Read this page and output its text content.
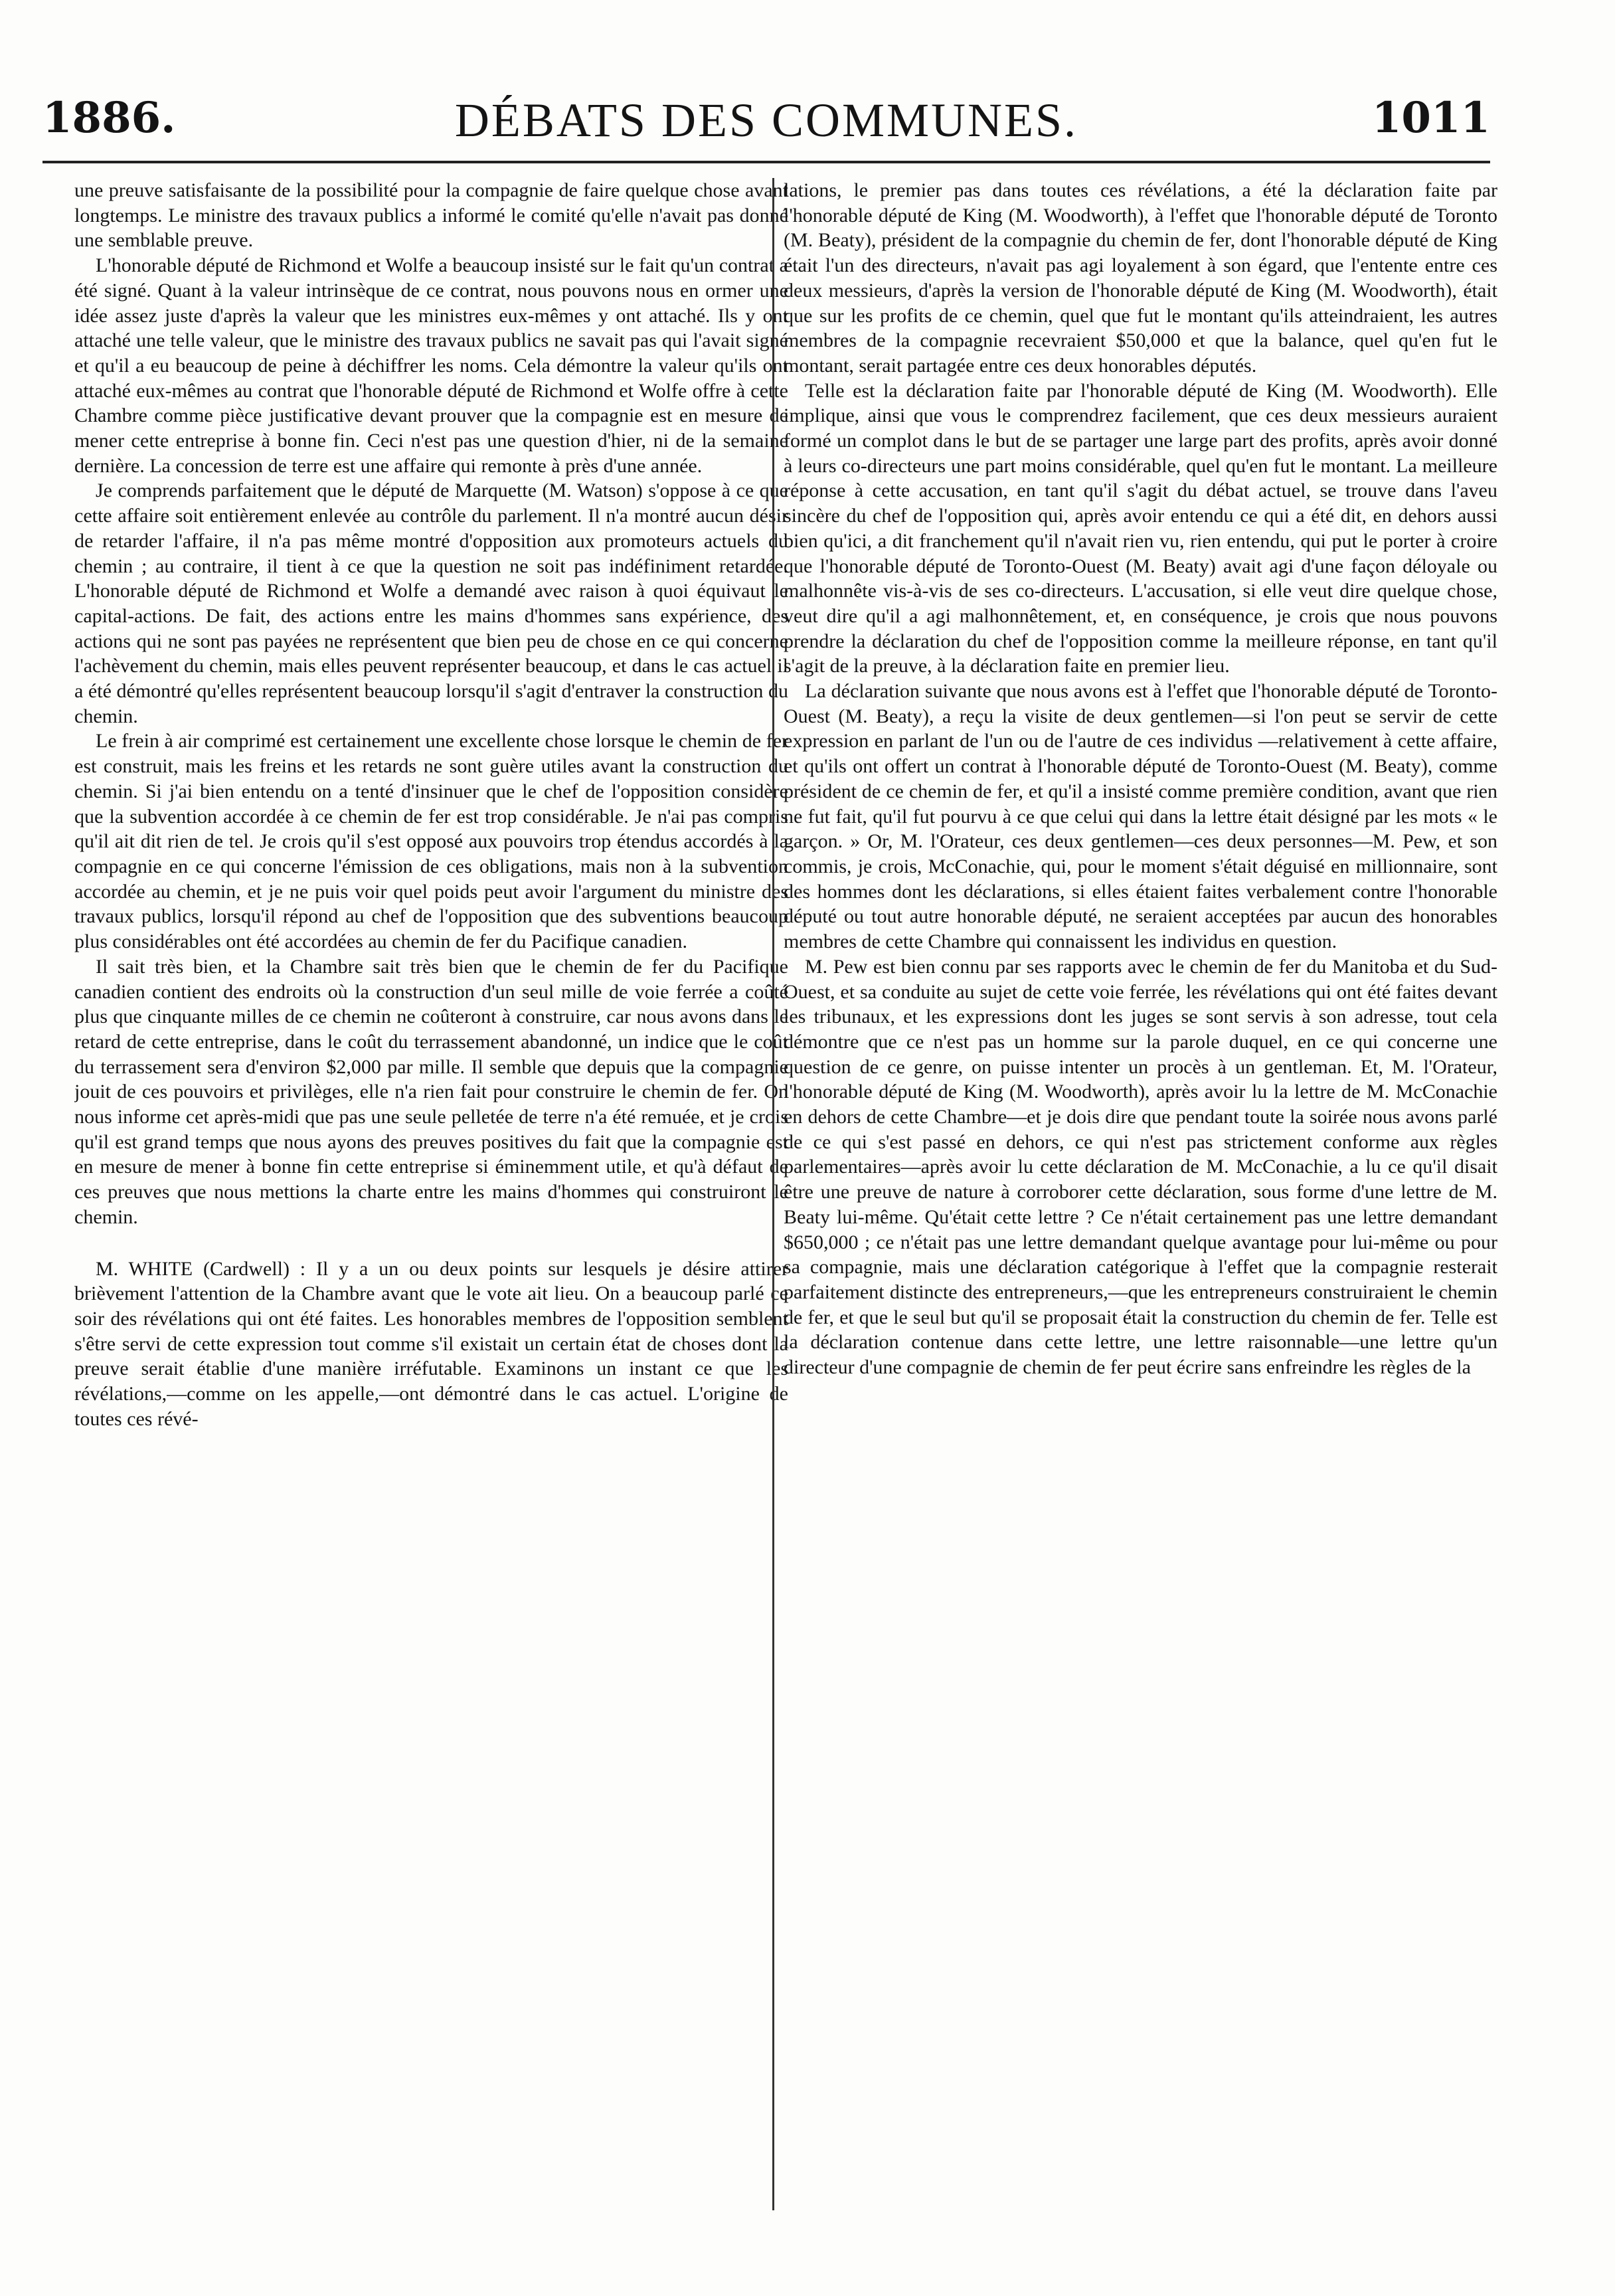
1886.	DÉBATS DES COMMUNES.	1011

une preuve satisfaisante de la possibilité pour la compagnie de faire quelque chose avant longtemps. Le ministre des travaux publics a informé le comité qu'elle n'avait pas donné une semblable preuve.

L'honorable député de Richmond et Wolfe a beaucoup insisté sur le fait qu'un contrat a été signé. Quant à la valeur intrinsèque de ce contrat, nous pouvons nous en ormer une idée assez juste d'après la valeur que les ministres eux-mêmes y ont attaché. Ils y ont attaché une telle valeur, que le ministre des travaux publics ne savait pas qui l'avait signé et qu'il a eu beaucoup de peine à déchiffrer les noms. Cela démontre la valeur qu'ils ont attaché eux-mêmes au contrat que l'honorable député de Richmond et Wolfe offre à cette Chambre comme pièce justificative devant prouver que la compagnie est en mesure de mener cette entreprise à bonne fin. Ceci n'est pas une question d'hier, ni de la semaine dernière. La concession de terre est une affaire qui remonte à près d'une année.

Je comprends parfaitement que le député de Marquette (M. Watson) s'oppose à ce que cette affaire soit entièrement enlevée au contrôle du parlement. Il n'a montré aucun désir de retarder l'affaire, il n'a pas même montré d'opposition aux promoteurs actuels du chemin ; au contraire, il tient à ce que la question ne soit pas indéfiniment retardée. L'honorable député de Richmond et Wolfe a demandé avec raison à quoi équivaut le capital-actions. De fait, des actions entre les mains d'hommes sans expérience, des actions qui ne sont pas payées ne représentent que bien peu de chose en ce qui concerne l'achèvement du chemin, mais elles peuvent représenter beaucoup, et dans le cas actuel il a été démontré qu'elles représentent beaucoup lorsqu'il s'agit d'entraver la construction du chemin.

Le frein à air comprimé est certainement une excellente chose lorsque le chemin de fer est construit, mais les freins et les retards ne sont guère utiles avant la construction du chemin. Si j'ai bien entendu on a tenté d'insinuer que le chef de l'opposition considère que la subvention accordée à ce chemin de fer est trop considérable. Je n'ai pas compris qu'il ait dit rien de tel. Je crois qu'il s'est opposé aux pouvoirs trop étendus accordés à la compagnie en ce qui concerne l'émission de ces obligations, mais non à la subvention accordée au chemin, et je ne puis voir quel poids peut avoir l'argument du ministre des travaux publics, lorsqu'il répond au chef de l'opposition que des subventions beaucoup plus considérables ont été accordées au chemin de fer du Pacifique canadien.

Il sait très bien, et la Chambre sait très bien que le chemin de fer du Pacifique canadien contient des endroits où la construction d'un seul mille de voie ferrée a coûté plus que cinquante milles de ce chemin ne coûteront à construire, car nous avons dans le retard de cette entreprise, dans le coût du terrassement abandonné, un indice que le coût du terrassement sera d'environ $2,000 par mille. Il semble que depuis que la compagnie jouit de ces pouvoirs et privilèges, elle n'a rien fait pour construire le chemin de fer. On nous informe cet après-midi que pas une seule pelletée de terre n'a été remuée, et je crois qu'il est grand temps que nous ayons des preuves positives du fait que la compagnie est en mesure de mener à bonne fin cette entreprise si éminemment utile, et qu'à défaut de ces preuves que nous mettions la charte entre les mains d'hommes qui construiront le chemin.

M. WHITE (Cardwell) : Il y a un ou deux points sur lesquels je désire attirer brièvement l'attention de la Chambre avant que le vote ait lieu. On a beaucoup parlé ce soir des révélations qui ont été faites. Les honorables membres de l'opposition semblent s'être servi de cette expression tout comme s'il existait un certain état de choses dont la preuve serait établie d'une manière irréfutable. Examinons un instant ce que les révélations,—comme on les appelle,—ont démontré dans le cas actuel. L'origine de toutes ces révé-

lations, le premier pas dans toutes ces révélations, a été la déclaration faite par l'honorable député de King (M. Woodworth), à l'effet que l'honorable député de Toronto (M. Beaty), président de la compagnie du chemin de fer, dont l'honorable député de King était l'un des directeurs, n'avait pas agi loyalement à son égard, que l'entente entre ces deux messieurs, d'après la version de l'honorable député de King (M. Woodworth), était que sur les profits de ce chemin, quel que fut le montant qu'ils atteindraient, les autres membres de la compagnie recevraient $50,000 et que la balance, quel qu'en fut le montant, serait partagée entre ces deux honorables députés.

Telle est la déclaration faite par l'honorable député de King (M. Woodworth). Elle implique, ainsi que vous le comprendrez facilement, que ces deux messieurs auraient formé un complot dans le but de se partager une large part des profits, après avoir donné à leurs co-directeurs une part moins considérable, quel qu'en fut le montant. La meilleure réponse à cette accusation, en tant qu'il s'agit du débat actuel, se trouve dans l'aveu sincère du chef de l'opposition qui, après avoir entendu ce qui a été dit, en dehors aussi bien qu'ici, a dit franchement qu'il n'avait rien vu, rien entendu, qui put le porter à croire que l'honorable député de Toronto-Ouest (M. Beaty) avait agi d'une façon déloyale ou malhonnête vis-à-vis de ses co-directeurs. L'accusation, si elle veut dire quelque chose, veut dire qu'il a agi malhonnêtement, et, en conséquence, je crois que nous pouvons prendre la déclaration du chef de l'opposition comme la meilleure réponse, en tant qu'il s'agit de la preuve, à la déclaration faite en premier lieu.

La déclaration suivante que nous avons est à l'effet que l'honorable député de Toronto-Ouest (M. Beaty), a reçu la visite de deux gentlemen—si l'on peut se servir de cette expression en parlant de l'un ou de l'autre de ces individus —relativement à cette affaire, et qu'ils ont offert un contrat à l'honorable député de Toronto-Ouest (M. Beaty), comme président de ce chemin de fer, et qu'il a insisté comme première condition, avant que rien ne fut fait, qu'il fut pourvu à ce que celui qui dans la lettre était désigné par les mots « le garçon. » Or, M. l'Orateur, ces deux gentlemen—ces deux personnes—M. Pew, et son commis, je crois, McConachie, qui, pour le moment s'était déguisé en millionnaire, sont des hommes dont les déclarations, si elles étaient faites verbalement contre l'honorable député ou tout autre honorable député, ne seraient acceptées par aucun des honorables membres de cette Chambre qui connaissent les individus en question.

M. Pew est bien connu par ses rapports avec le chemin de fer du Manitoba et du Sud-Ouest, et sa conduite au sujet de cette voie ferrée, les révélations qui ont été faites devant les tribunaux, et les expressions dont les juges se sont servis à son adresse, tout cela démontre que ce n'est pas un homme sur la parole duquel, en ce qui concerne une question de ce genre, on puisse intenter un procès à un gentleman. Et, M. l'Orateur, l'honorable député de King (M. Woodworth), après avoir lu la lettre de M. McConachie en dehors de cette Chambre—et je dois dire que pendant toute la soirée nous avons parlé de ce qui s'est passé en dehors, ce qui n'est pas strictement conforme aux règles parlementaires—après avoir lu cette déclaration de M. McConachie, a lu ce qu'il disait être une preuve de nature à corroborer cette déclaration, sous forme d'une lettre de M. Beaty lui-même. Qu'était cette lettre ? Ce n'était certainement pas une lettre demandant $650,000 ; ce n'était pas une lettre demandant quelque avantage pour lui-même ou pour sa compagnie, mais une déclaration catégorique à l'effet que la compagnie resterait parfaitement distincte des entrepreneurs,—que les entrepreneurs construiraient le chemin de fer, et que le seul but qu'il se proposait était la construction du chemin de fer. Telle est la déclaration contenue dans cette lettre, une lettre raisonnable—une lettre qu'un directeur d'une compagnie de chemin de fer peut écrire sans enfreindre les règles de la
